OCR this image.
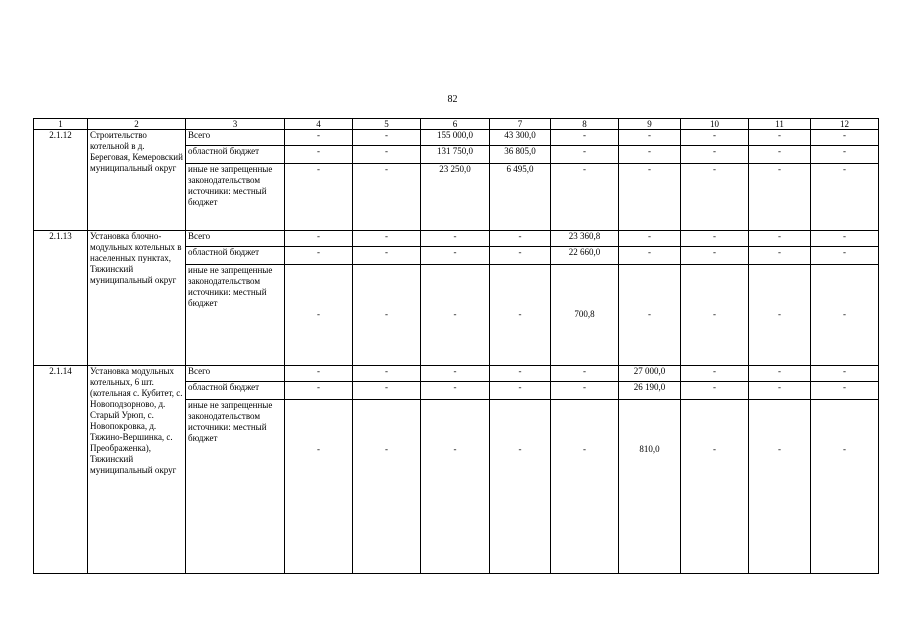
82
1	2	3	4	5	6	7	8	9	10	11	12
2.1.12	Строительство котельной в д. Береговая, Кемеровский муниципальный округ	Всего	-	-	155 000,0	43 300,0	-	-	-	-	-
		областной бюджет	-	-	131 750,0	36 805,0	-	-	-	-	-
		иные не запрещенные законодательством источники: местный бюджет	-	-	23 250,0	6 495,0	-	-	-	-	-
2.1.13	Установка блочно-модульных котельных в населенных пунктах, Тяжинский муниципальный округ	Всего	-	-	-	-	23 360,8	-	-	-	-
		областной бюджет	-	-	-	-	22 660,0	-	-	-	-
		иные не запрещенные законодательством источники: местный бюджет	-	-	-	-	700,8	-	-	-	-
2.1.14	Установка модульных котельных, 6 шт. (котельная с. Кубитет, с. Новоподзорново, д. Старый Урюп, с. Новопокровка, д. Тяжино-Вершинка, с. Преображенка), Тяжинский муниципальный округ	Всего	-	-	-	-	-	27 000,0	-	-	-
		областной бюджет	-	-	-	-	-	26 190,0	-	-	-
		иные не запрещенные законодательством источники: местный бюджет	-	-	-	-	-	810,0	-	-	-
